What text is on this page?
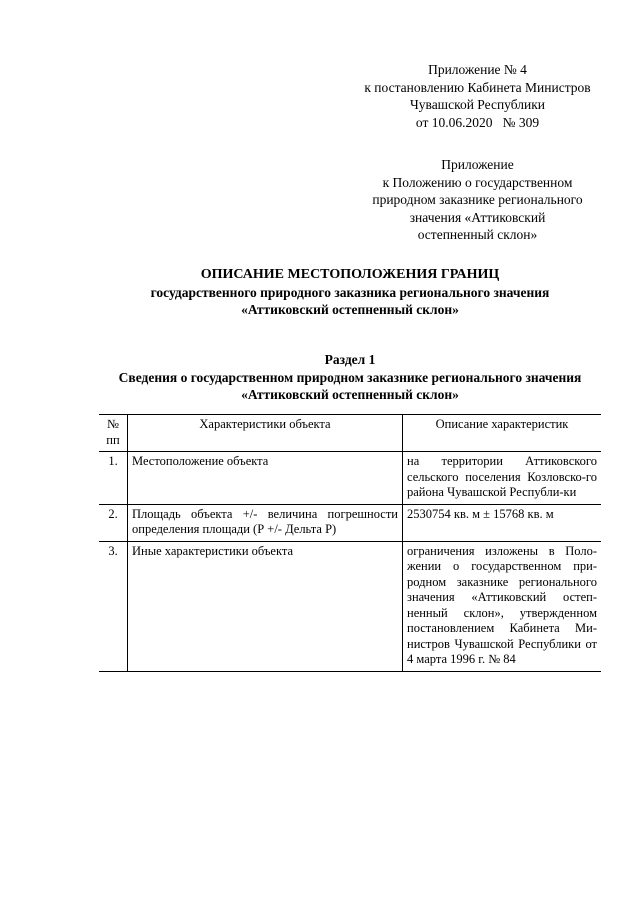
Приложение № 4
к постановлению Кабинета Министров
Чувашской Республики
от 10.06.2020   № 309
Приложение
к Положению о государственном
природном заказнике регионального
значения «Аттиковский
остепненный склон»
ОПИСАНИЕ МЕСТОПОЛОЖЕНИЯ ГРАНИЦ
государственного природного заказника регионального значения
«Аттиковский остепненный склон»
Раздел 1
Сведения о государственном природном заказнике регионального значения
«Аттиковский остепненный склон»
№ пп	Характеристики объекта	Описание характеристик
1.	Местоположение объекта	на территории Аттиковского сельского поселения Козловско-го района Чувашской Республи-ки
2.	Площадь объекта +/- величина погрешности определения площади (Р +/- Дельта Р)	2530754 кв. м ± 15768 кв. м
3.	Иные характеристики объекта	ограничения изложены в Поло-жении о государственном при-родном заказнике регионального значения «Аттиковский остеп-ненный склон», утвержденном постановлением Кабинета Ми-нистров Чувашской Республики от 4 марта 1996 г. № 84
